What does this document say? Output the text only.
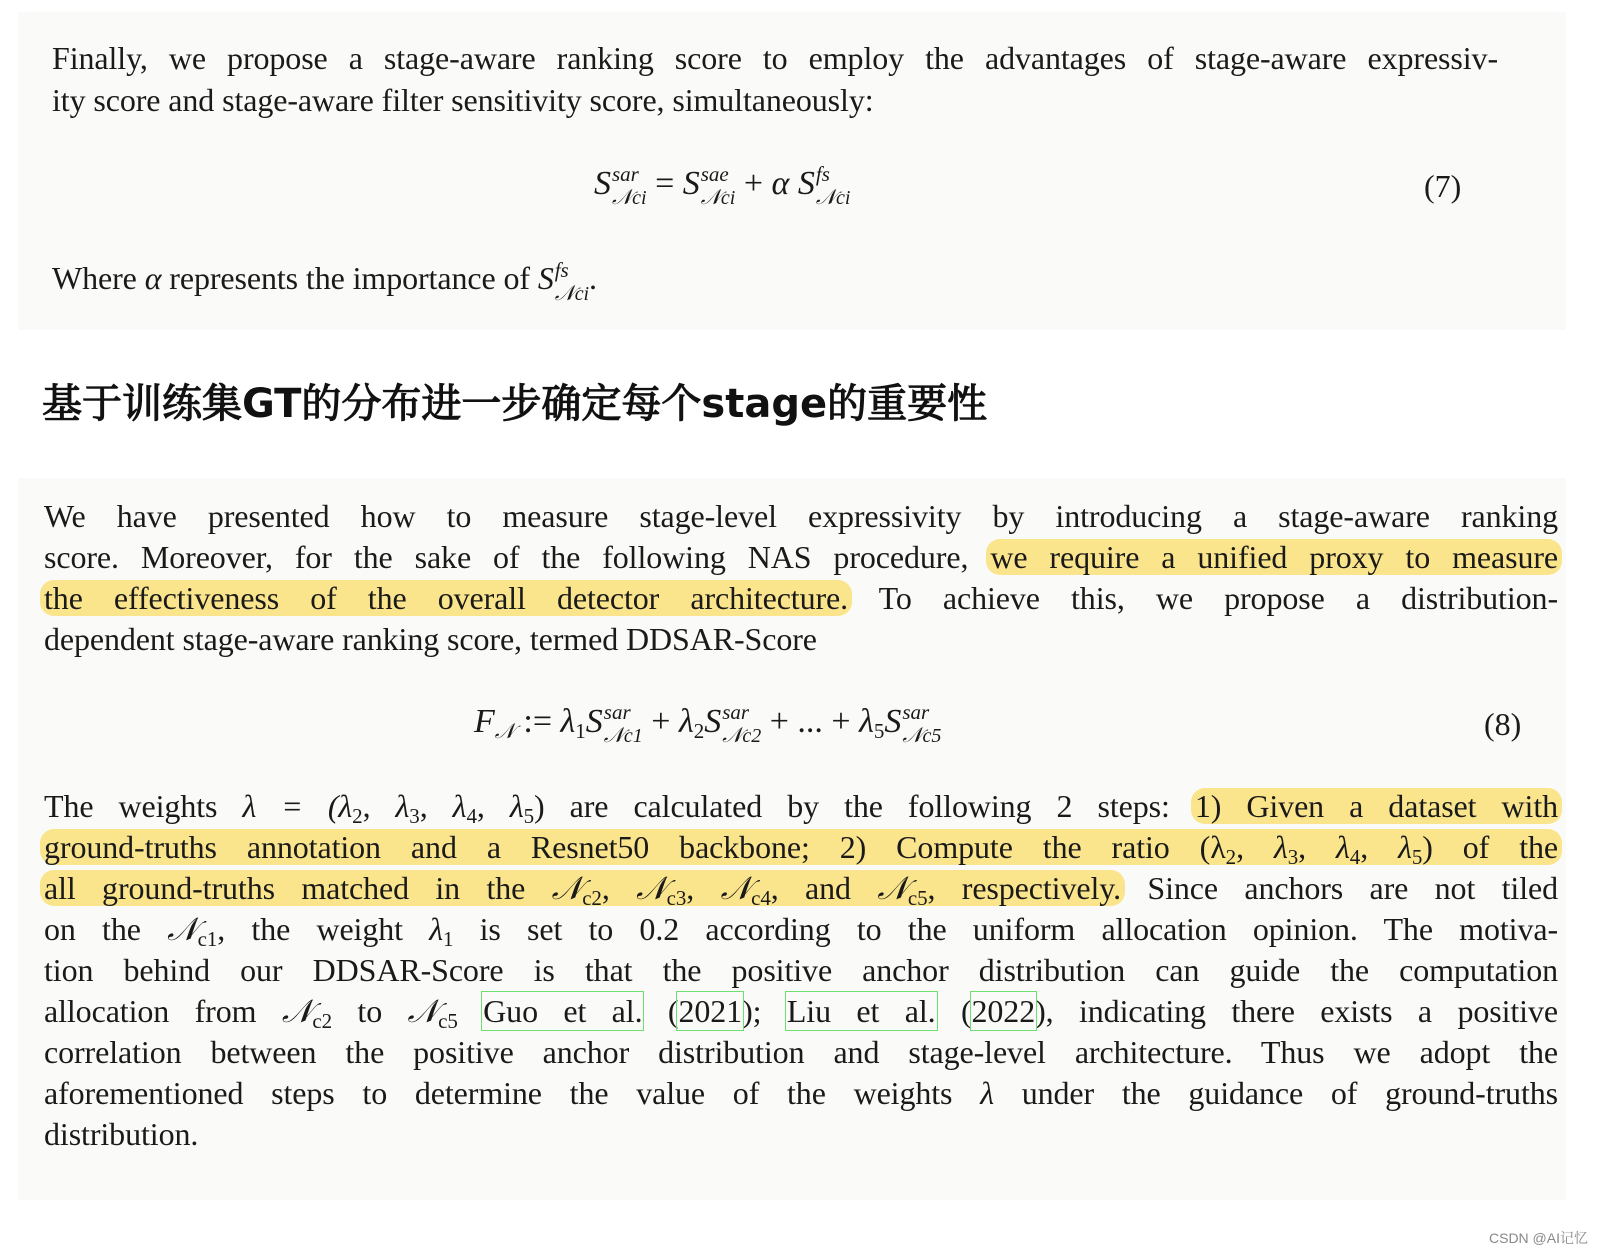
Finally, we propose a stage-aware ranking score to employ the advantages of stage-aware expressiv-

ity score and stage-aware filter sensitivity score, simultaneously:

S sar
𝒩ci = S sae
𝒩ci + α S fs
𝒩ci	(7)

Where α represents the importance of S fs
𝒩ci .

基于训练集GT的分布进一步确定每个stage的重要性

We have presented how to measure stage-level expressivity by introducing a stage-aware ranking

score. Moreover, for the sake of the following NAS procedure, we require a unified proxy to measure

the effectiveness of the overall detector architecture. To achieve this, we propose a distribution-

dependent stage-aware ranking score, termed DDSAR-Score

$F_𝒩$ := $\lambda_1S$ sar
𝒩c1 + $\lambda_2S$ sar
𝒩c2 + ... + $\lambda_5S$ sar
𝒩c5	(8)

The weights $\lambda = (\lambda_2$, $\lambda_3$, $\lambda_4$, $\lambda_5$) are calculated by the following 2 steps: 1) Given a dataset with

ground-truths annotation and a Resnet50 backbone; 2) Compute the ratio ($\lambda_2$, $\lambda_3$, $\lambda_4$, $\lambda_5$) of the

all ground-truths matched in the 𝒩$_{c2}$, 𝒩$_{c3}$, 𝒩$_{c4}$, and 𝒩$_{c5}$, respectively. Since anchors are not tiled

on the 𝒩$_{c1}$, the weight $\lambda_1$ is set to 0.2 according to the uniform allocation opinion. The motiva-

tion behind our DDSAR-Score is that the positive anchor distribution can guide the computation

allocation from 𝒩$_{c2}$ to 𝒩$_{c5}$ Guo et al. (2021); Liu et al. (2022), indicating there exists a positive

correlation between the positive anchor distribution and stage-level architecture. Thus we adopt the

aforementioned steps to determine the value of the weights λ under the guidance of ground-truths

distribution.

CSDN @AI记忆
